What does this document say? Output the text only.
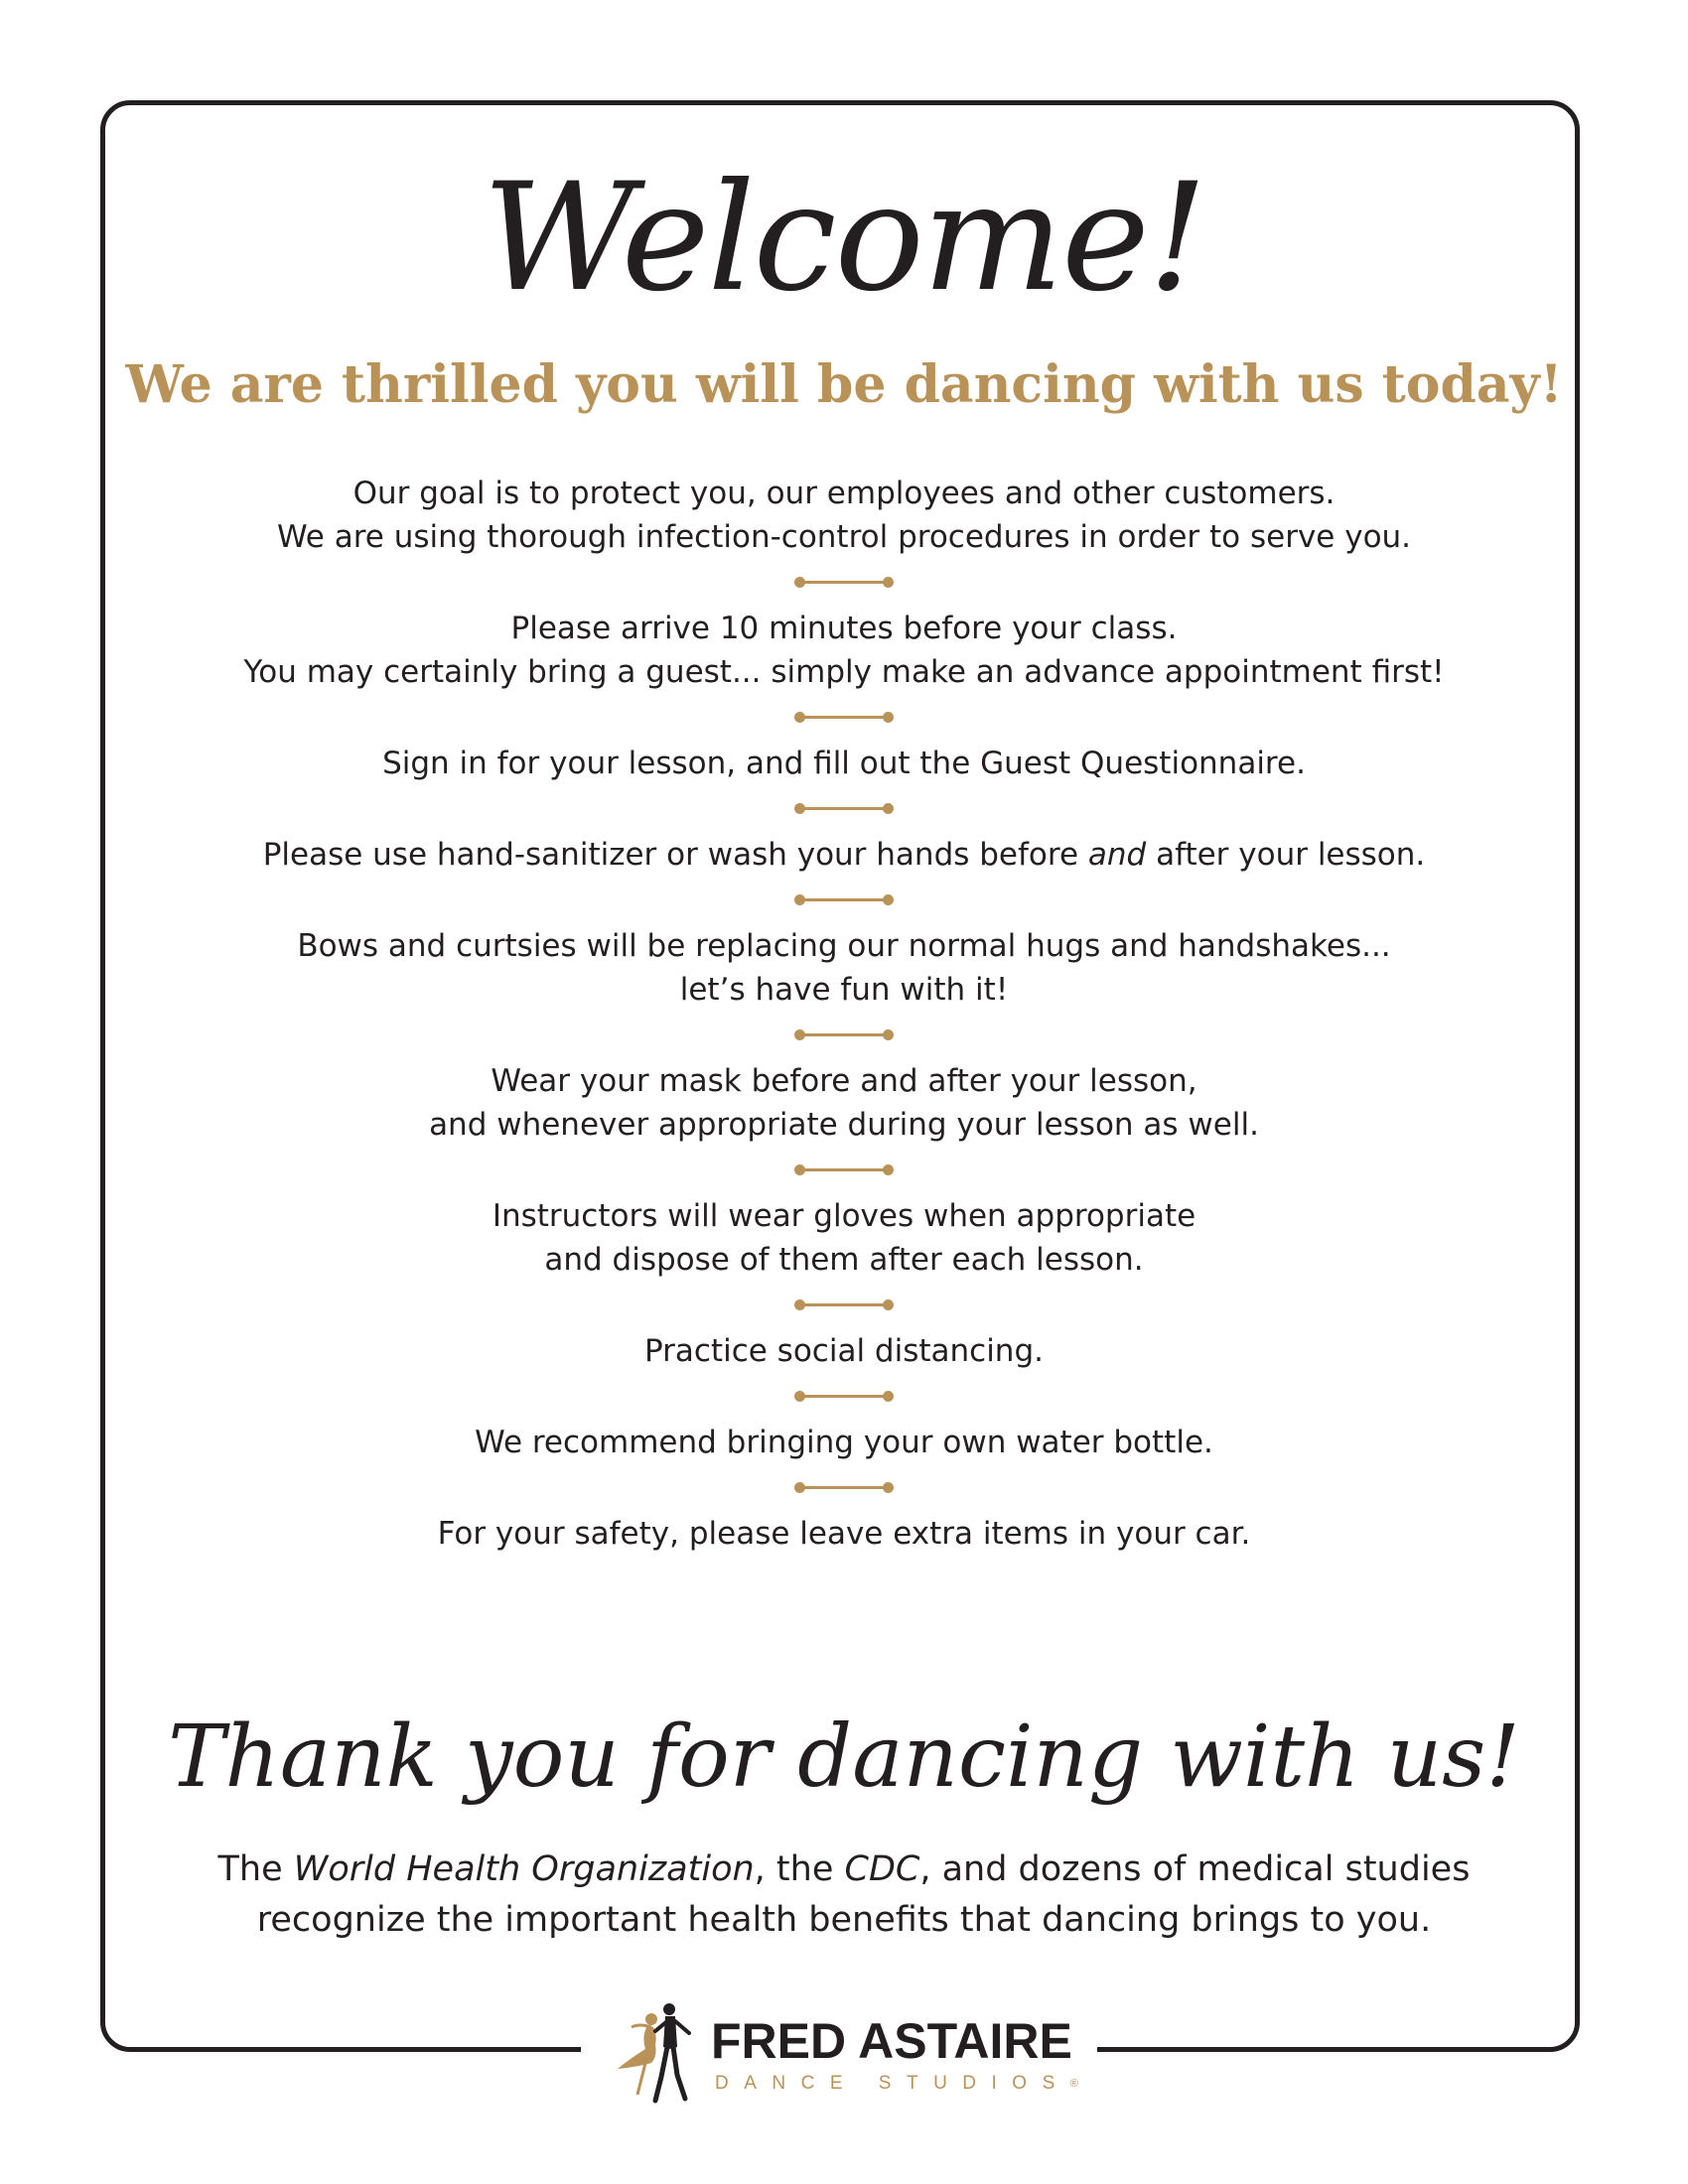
Welcome!
We are thrilled you will be dancing with us today!
Our goal is to protect you, our employees and other customers.
We are using thorough infection-control procedures in order to serve you.
Please arrive 10 minutes before your class.
You may certainly bring a guest... simply make an advance appointment first!
Sign in for your lesson, and fill out the Guest Questionnaire.
Please use hand-sanitizer or wash your hands before and after your lesson.
Bows and curtsies will be replacing our normal hugs and handshakes...
let’s have fun with it!
Wear your mask before and after your lesson,
and whenever appropriate during your lesson as well.
Instructors will wear gloves when appropriate
and dispose of them after each lesson.
Practice social distancing.
We recommend bringing your own water bottle.
For your safety, please leave extra items in your car.
Thank you for dancing with us!
The World Health Organization, the CDC, and dozens of medical studies
recognize the important health benefits that dancing brings to you.
FRED ASTAIRE
DANCE STUDIOS®
